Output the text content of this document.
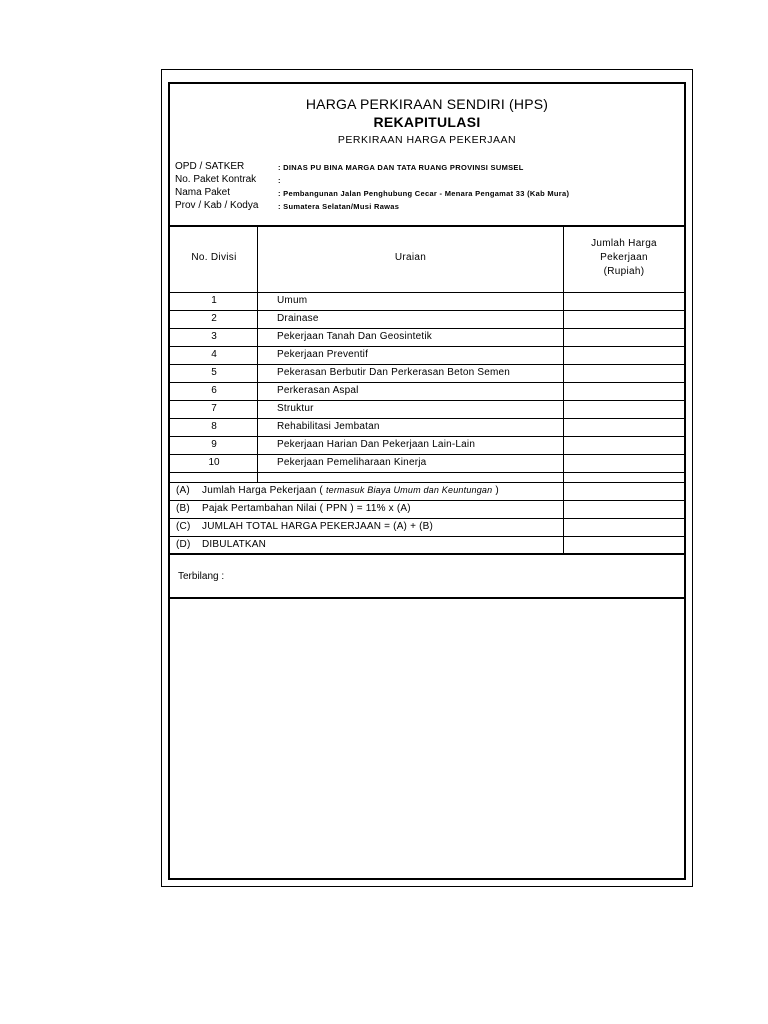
HARGA PERKIRAAN SENDIRI (HPS)
REKAPITULASI
PERKIRAAN HARGA PEKERJAAN
OPD / SATKER	: DINAS PU BINA MARGA DAN TATA RUANG PROVINSI SUMSEL
No. Paket Kontrak	:
Nama Paket	: Pembangunan Jalan Penghubung Cecar - Menara Pengamat 33 (Kab Mura)
Prov / Kab / Kodya	: Sumatera Selatan/Musi Rawas
No. Divisi	Uraian
Jumlah Harga
Pekerjaan
(Rupiah)
1	Umum
2	Drainase
3	Pekerjaan Tanah Dan Geosintetik
4	Pekerjaan Preventif
5	Pekerasan Berbutir Dan Perkerasan Beton Semen
6	Perkerasan Aspal
7	Struktur
8	Rehabilitasi Jembatan
9	Pekerjaan Harian Dan Pekerjaan Lain-Lain
10	Pekerjaan Pemeliharaan Kinerja
(A) Jumlah Harga Pekerjaan ( termasuk Biaya Umum dan Keuntungan )
(B) Pajak Pertambahan Nilai ( PPN ) = 11% x (A)
(C) JUMLAH TOTAL HARGA PEKERJAAN = (A) + (B)
(D) DIBULATKAN
Terbilang :
